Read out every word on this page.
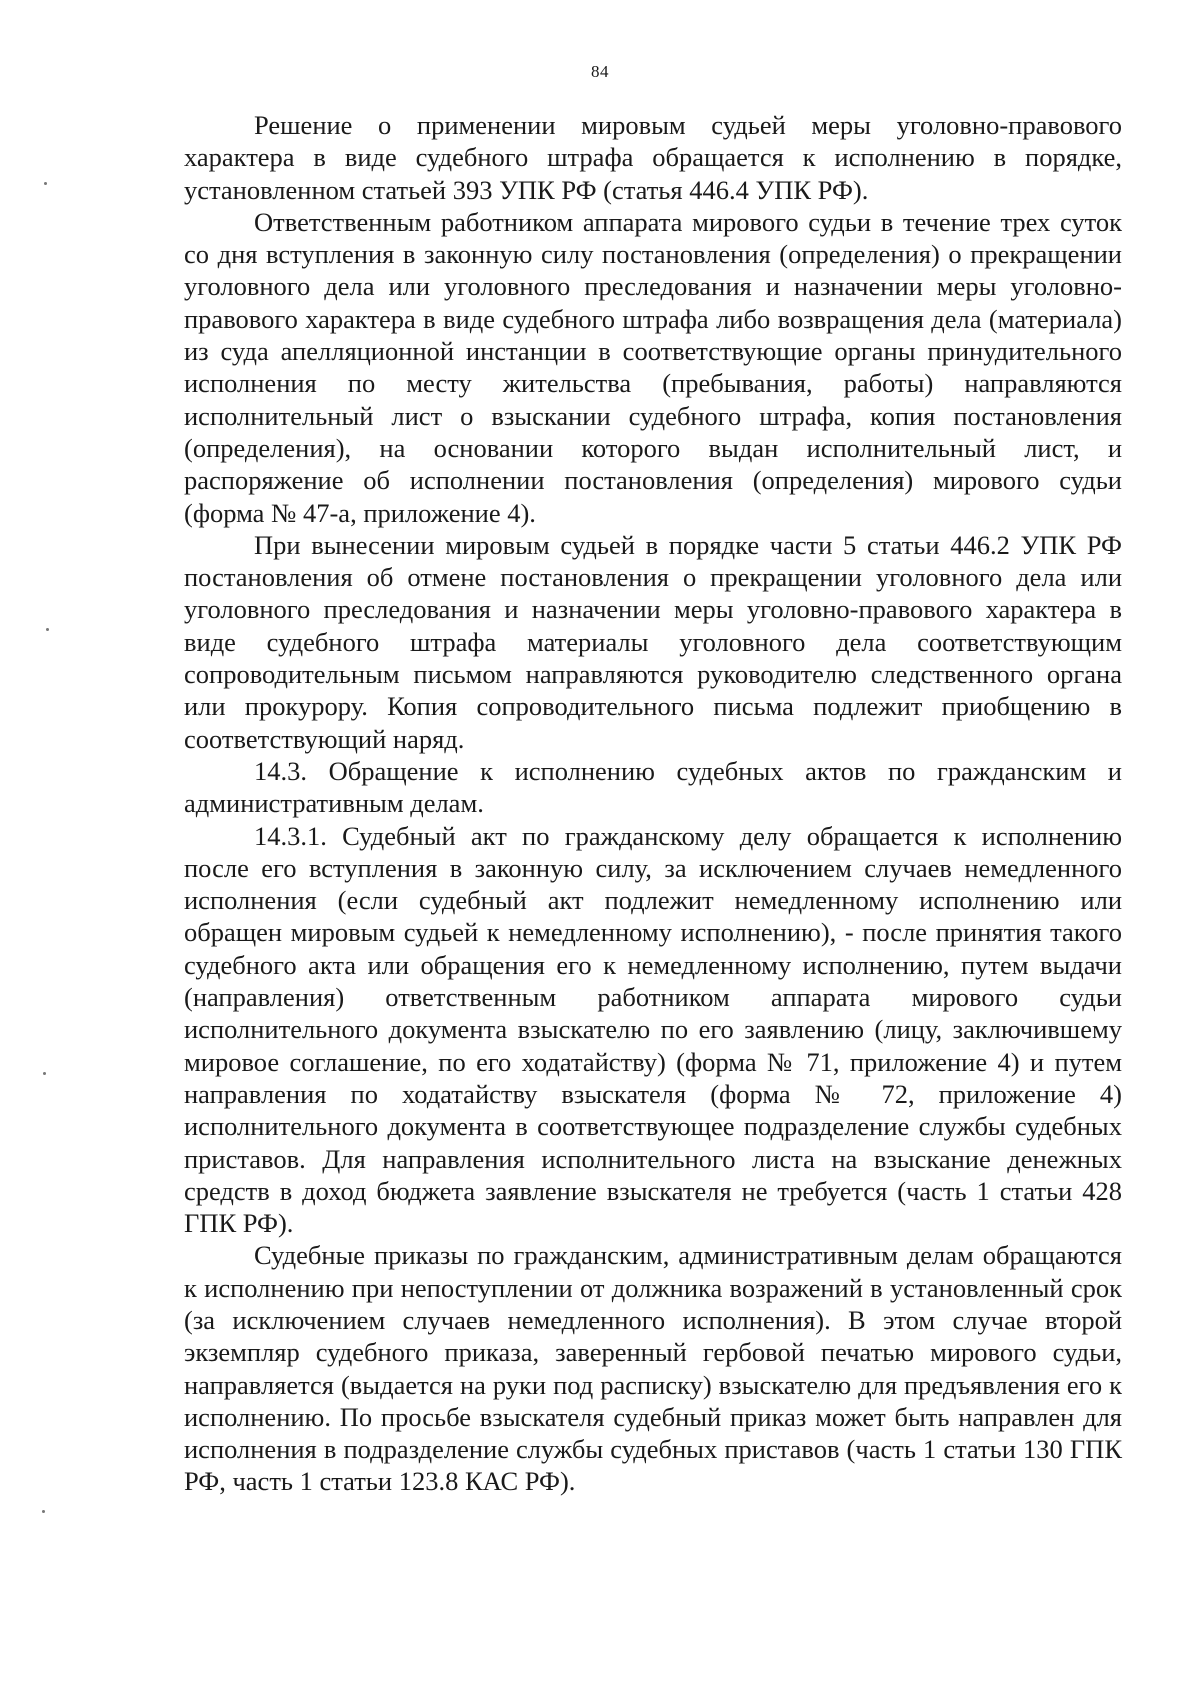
84

Решение о применении мировым судьей меры уголовно-правового характера в виде судебного штрафа обращается к исполнению в порядке, установленном статьей 393 УПК РФ (статья 446.4 УПК РФ).

Ответственным работником аппарата мирового судьи в течение трех суток со дня вступления в законную силу постановления (определения) о прекращении уголовного дела или уголовного преследования и назначении меры уголовно-правового характера в виде судебного штрафа либо возвращения дела (материала) из суда апелляционной инстанции в соответствующие органы принудительного исполнения по месту жительства (пребывания, работы) направляются исполнительный лист о взыскании судебного штрафа, копия постановления (определения), на основании которого выдан исполнительный лист, и распоряжение об исполнении постановления (определения) мирового судьи (форма № 47-а, приложение 4).

При вынесении мировым судьей в порядке части 5 статьи 446.2 УПК РФ постановления об отмене постановления о прекращении уголовного дела или уголовного преследования и назначении меры уголовно-правового характера в виде судебного штрафа материалы уголовного дела соответствующим сопроводительным письмом направляются руководителю следственного органа или прокурору. Копия сопроводительного письма подлежит приобщению в соответствующий наряд.

14.3. Обращение к исполнению судебных актов по гражданским и административным делам.

14.3.1. Судебный акт по гражданскому делу обращается к исполнению после его вступления в законную силу, за исключением случаев немедленного исполнения (если судебный акт подлежит немедленному исполнению или обращен мировым судьей к немедленному исполнению), - после принятия такого судебного акта или обращения его к немедленному исполнению, путем выдачи (направления) ответственным работником аппарата мирового судьи исполнительного документа взыскателю по его заявлению (лицу, заключившему мировое соглашение, по его ходатайству) (форма № 71, приложение 4) и путем направления по ходатайству взыскателя (форма № 72, приложение 4) исполнительного документа в соответствующее подразделение службы судебных приставов. Для направления исполнительного листа на взыскание денежных средств в доход бюджета заявление взыскателя не требуется (часть 1 статьи 428 ГПК РФ).

Судебные приказы по гражданским, административным делам обращаются к исполнению при непоступлении от должника возражений в установленный срок (за исключением случаев немедленного исполнения). В этом случае второй экземпляр судебного приказа, заверенный гербовой печатью мирового судьи, направляется (выдается на руки под расписку) взыскателю для предъявления его к исполнению. По просьбе взыскателя судебный приказ может быть направлен для исполнения в подразделение службы судебных приставов (часть 1 статьи 130 ГПК РФ, часть 1 статьи 123.8 КАС РФ).
